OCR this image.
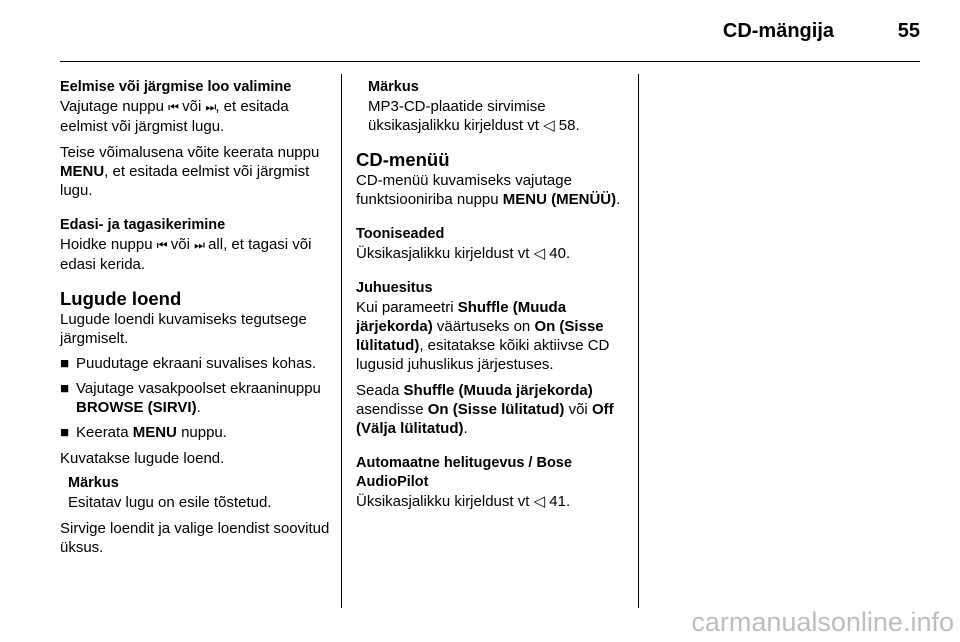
CD-mängija	55
Eelmise või järgmise loo valimine

Vajutage nuppu ⏮ või ⏭, et esitada eelmist või järgmist lugu.

Teise võimalusena võite keerata nuppu MENU, et esitada eelmist või järgmist lugu.

Edasi- ja tagasikerimine

Hoidke nuppu ⏮ või ⏭ all, et tagasi või edasi kerida.

Lugude loend

Lugude loendi kuvamiseks tegutsege järgmiselt.

■ Puudutage ekraani suvalises kohas.
■ Vajutage vasakpoolset ekraaninuppu BROWSE (SIRVI).
■ Keerata MENU nuppu.

Kuvatakse lugude loend.

Märkus

Esitatav lugu on esile tõstetud.

Sirvige loendit ja valige loendist soovitud üksus.

Märkus

MP3-CD-plaatide sirvimise üksikasjalikku kirjeldust vt ◁ 58.

CD-menüü

CD-menüü kuvamiseks vajutage funktsiooniriba nuppu MENU (MENÜÜ).

Tooniseaded

Üksikasjalikku kirjeldust vt ◁ 40.

Juhuesitus

Kui parameetri Shuffle (Muuda järjekorda) väärtuseks on On (Sisse lülitatud), esitatakse kõiki aktiivse CD lugusid juhuslikus järjestuses.

Seada Shuffle (Muuda järjekorda) asendisse On (Sisse lülitatud) või Off (Välja lülitatud).

Automaatne helitugevus / Bose AudioPilot

Üksikasjalikku kirjeldust vt ◁ 41.

carmanualsonline.info
